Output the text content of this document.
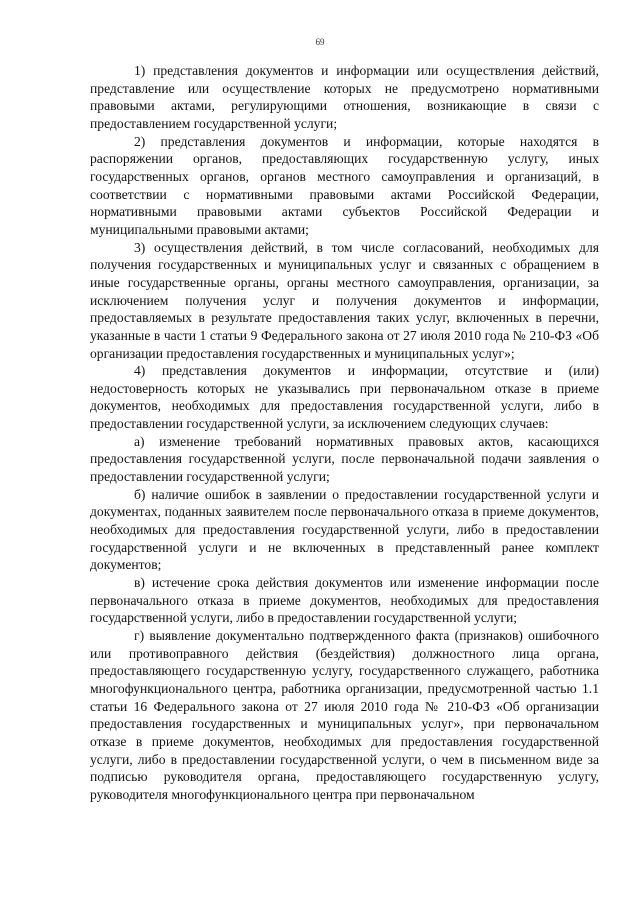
69

1) представления документов и информации или осуществления действий, представление или осуществление которых не предусмотрено нормативными правовыми актами, регулирующими отношения, возникающие в связи с предоставлением государственной услуги;

2) представления документов и информации, которые находятся в распоряжении органов, предоставляющих государственную услугу, иных государственных органов, органов местного самоуправления и организаций, в соответствии с нормативными правовыми актами Российской Федерации, нормативными правовыми актами субъектов Российской Федерации и муниципальными правовыми актами;

3) осуществления действий, в том числе согласований, необходимых для получения государственных и муниципальных услуг и связанных с обращением в иные государственные органы, органы местного самоуправления, организации, за исключением получения услуг и получения документов и информации, предоставляемых в результате предоставления таких услуг, включенных в перечни, указанные в части 1 статьи 9 Федерального закона от 27 июля 2010 года № 210-ФЗ «Об организации предоставления государственных и муниципальных услуг»;

4) представления документов и информации, отсутствие и (или) недостоверность которых не указывались при первоначальном отказе в приеме документов, необходимых для предоставления государственной услуги, либо в предоставлении государственной услуги, за исключением следующих случаев:

а) изменение требований нормативных правовых актов, касающихся предоставления государственной услуги, после первоначальной подачи заявления о предоставлении государственной услуги;

б) наличие ошибок в заявлении о предоставлении государственной услуги и документах, поданных заявителем после первоначального отказа в приеме документов, необходимых для предоставления государственной услуги, либо в предоставлении государственной услуги и не включенных в представленный ранее комплект документов;

в) истечение срока действия документов или изменение информации после первоначального отказа в приеме документов, необходимых для предоставления государственной услуги, либо в предоставлении государственной услуги;

г) выявление документально подтвержденного факта (признаков) ошибочного или противоправного действия (бездействия) должностного лица органа, предоставляющего государственную услугу, государственного служащего, работника многофункционального центра, работника организации, предусмотренной частью 1.1 статьи 16 Федерального закона от 27 июля 2010 года № 210-ФЗ «Об организации предоставления государственных и муниципальных услуг», при первоначальном отказе в приеме документов, необходимых для предоставления государственной услуги, либо в предоставлении государственной услуги, о чем в письменном виде за подписью руководителя органа, предоставляющего государственную услугу, руководителя многофункционального центра при первоначальном
